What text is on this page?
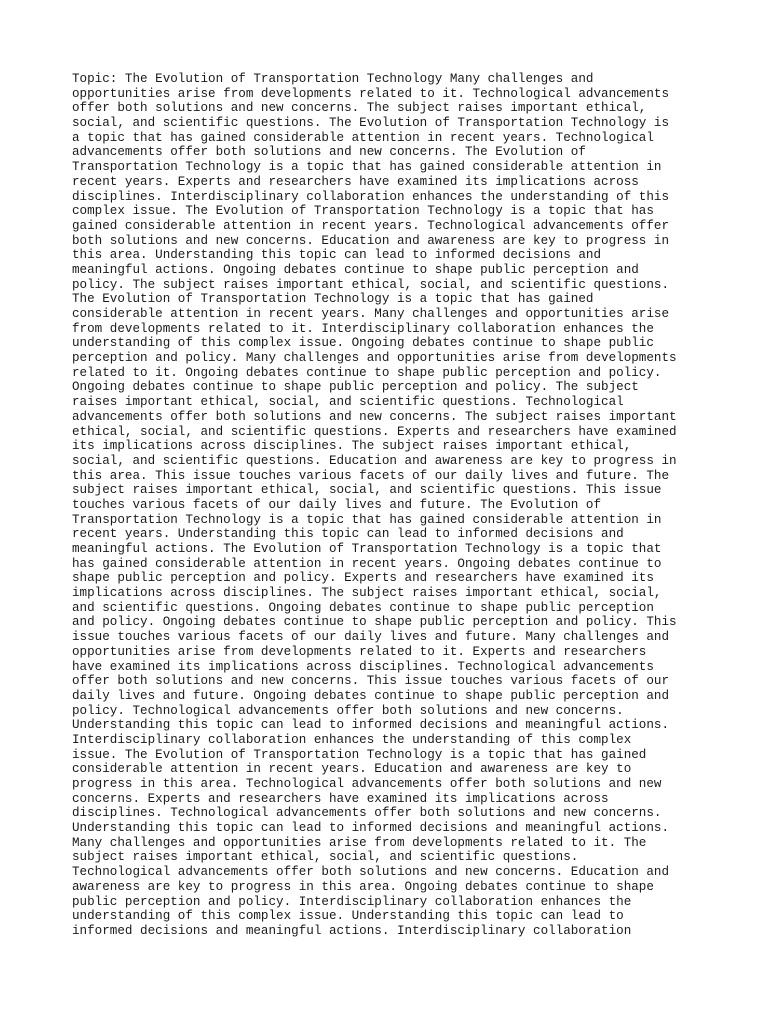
Topic: The Evolution of Transportation Technology Many challenges and
opportunities arise from developments related to it. Technological advancements
offer both solutions and new concerns. The subject raises important ethical,
social, and scientific questions. The Evolution of Transportation Technology is
a topic that has gained considerable attention in recent years. Technological
advancements offer both solutions and new concerns. The Evolution of
Transportation Technology is a topic that has gained considerable attention in
recent years. Experts and researchers have examined its implications across
disciplines. Interdisciplinary collaboration enhances the understanding of this
complex issue. The Evolution of Transportation Technology is a topic that has
gained considerable attention in recent years. Technological advancements offer
both solutions and new concerns. Education and awareness are key to progress in
this area. Understanding this topic can lead to informed decisions and
meaningful actions. Ongoing debates continue to shape public perception and
policy. The subject raises important ethical, social, and scientific questions.
The Evolution of Transportation Technology is a topic that has gained
considerable attention in recent years. Many challenges and opportunities arise
from developments related to it. Interdisciplinary collaboration enhances the
understanding of this complex issue. Ongoing debates continue to shape public
perception and policy. Many challenges and opportunities arise from developments
related to it. Ongoing debates continue to shape public perception and policy.
Ongoing debates continue to shape public perception and policy. The subject
raises important ethical, social, and scientific questions. Technological
advancements offer both solutions and new concerns. The subject raises important
ethical, social, and scientific questions. Experts and researchers have examined
its implications across disciplines. The subject raises important ethical,
social, and scientific questions. Education and awareness are key to progress in
this area. This issue touches various facets of our daily lives and future. The
subject raises important ethical, social, and scientific questions. This issue
touches various facets of our daily lives and future. The Evolution of
Transportation Technology is a topic that has gained considerable attention in
recent years. Understanding this topic can lead to informed decisions and
meaningful actions. The Evolution of Transportation Technology is a topic that
has gained considerable attention in recent years. Ongoing debates continue to
shape public perception and policy. Experts and researchers have examined its
implications across disciplines. The subject raises important ethical, social,
and scientific questions. Ongoing debates continue to shape public perception
and policy. Ongoing debates continue to shape public perception and policy. This
issue touches various facets of our daily lives and future. Many challenges and
opportunities arise from developments related to it. Experts and researchers
have examined its implications across disciplines. Technological advancements
offer both solutions and new concerns. This issue touches various facets of our
daily lives and future. Ongoing debates continue to shape public perception and
policy. Technological advancements offer both solutions and new concerns.
Understanding this topic can lead to informed decisions and meaningful actions.
Interdisciplinary collaboration enhances the understanding of this complex
issue. The Evolution of Transportation Technology is a topic that has gained
considerable attention in recent years. Education and awareness are key to
progress in this area. Technological advancements offer both solutions and new
concerns. Experts and researchers have examined its implications across
disciplines. Technological advancements offer both solutions and new concerns.
Understanding this topic can lead to informed decisions and meaningful actions.
Many challenges and opportunities arise from developments related to it. The
subject raises important ethical, social, and scientific questions.
Technological advancements offer both solutions and new concerns. Education and
awareness are key to progress in this area. Ongoing debates continue to shape
public perception and policy. Interdisciplinary collaboration enhances the
understanding of this complex issue. Understanding this topic can lead to
informed decisions and meaningful actions. Interdisciplinary collaboration
